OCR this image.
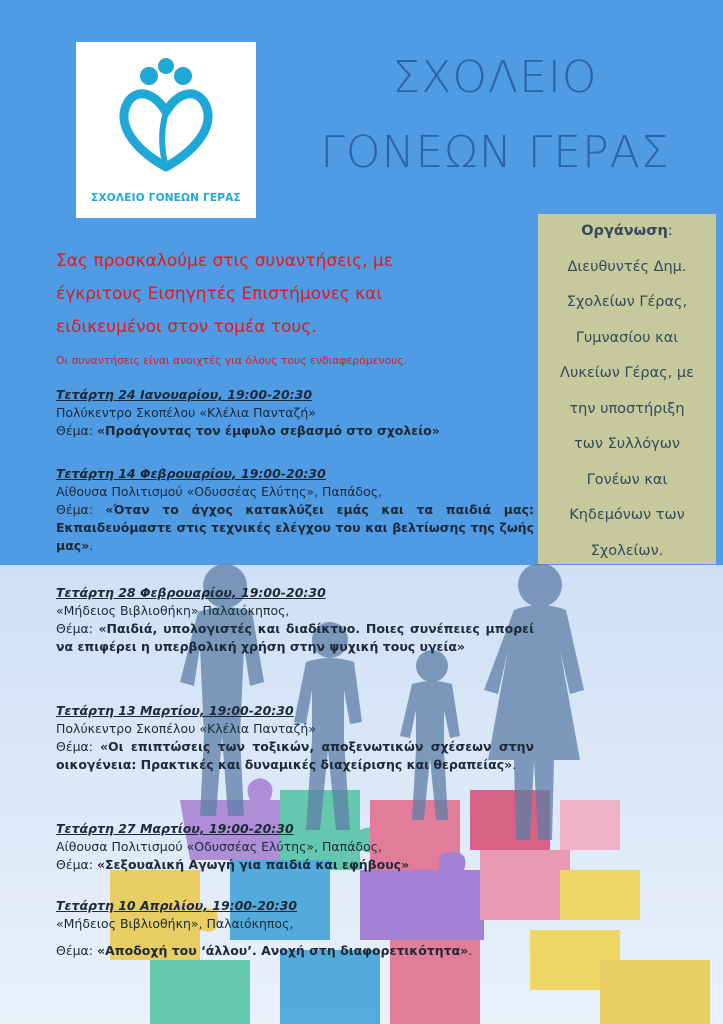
ΣΧΟΛΕΙΟ ΓΟΝΕΩΝ ΓΕΡΑΣ
ΣΧΟΛΕΙΟ
ΓΟΝΕΩΝ ΓΕΡΑΣ
Οργάνωση:
Διευθυντές Δημ.
Σχολείων Γέρας,
Γυμνασίου και
Λυκείων Γέρας, με
την υποστήριξη
των Συλλόγων
Γονέων και
Κηδεμόνων των
Σχολείων.
Σας προσκαλούμε στις συναντήσεις, με
έγκριτους Εισηγητές Επιστήμονες και
ειδικευμένοι στον τομέα τους.
Οι συναντήσεις είναι ανοιχτές για όλους τους ενδιαφερόμενους.
Τετάρτη 24 Ιανουαρίου, 19:00-20:30
Πολύκεντρο Σκοπέλου «Κλέλια Πανταζή»
Θέμα: «Προάγοντας τον έμφυλο σεβασμό στο σχολείο»
Τετάρτη 14 Φεβρουαρίου, 19:00-20:30
Αίθουσα Πολιτισμού «Οδυσσέας Ελύτης», Παπάδος,
Θέμα: «Όταν το άγχος κατακλύζει εμάς και τα παιδιά μας: Εκπαιδευόμαστε στις τεχνικές ελέγχου του και βελτίωσης της ζωής μας».
Τετάρτη 28 Φεβρουαρίου, 19:00-20:30
«Μήδειος Βιβλιοθήκη» Παλαιόκηπος,
Θέμα: «Παιδιά, υπολογιστές και διαδίκτυο. Ποιες συνέπειες μπορεί να επιφέρει η υπερβολική χρήση στην ψυχική τους υγεία»
Τετάρτη 13 Μαρτίου, 19:00-20:30
Πολύκεντρο Σκοπέλου «Κλέλια Πανταζή»
Θέμα: «Οι επιπτώσεις των τοξικών, αποξενωτικών σχέσεων στην οικογένεια: Πρακτικές και δυναμικές διαχείρισης και θεραπείας».
Τετάρτη 27 Μαρτίου, 19:00-20:30
Αίθουσα Πολιτισμού «Οδυσσέας Ελύτης», Παπάδος,
Θέμα: «Σεξουαλική Αγωγή για παιδιά και εφήβους»
Τετάρτη 10 Απριλίου, 19:00-20:30
«Μήδειος Βιβλιοθήκη», Παλαιόκηπος,
Θέμα: «Αποδοχή του ‘άλλου’. Ανοχή στη διαφορετικότητα».
